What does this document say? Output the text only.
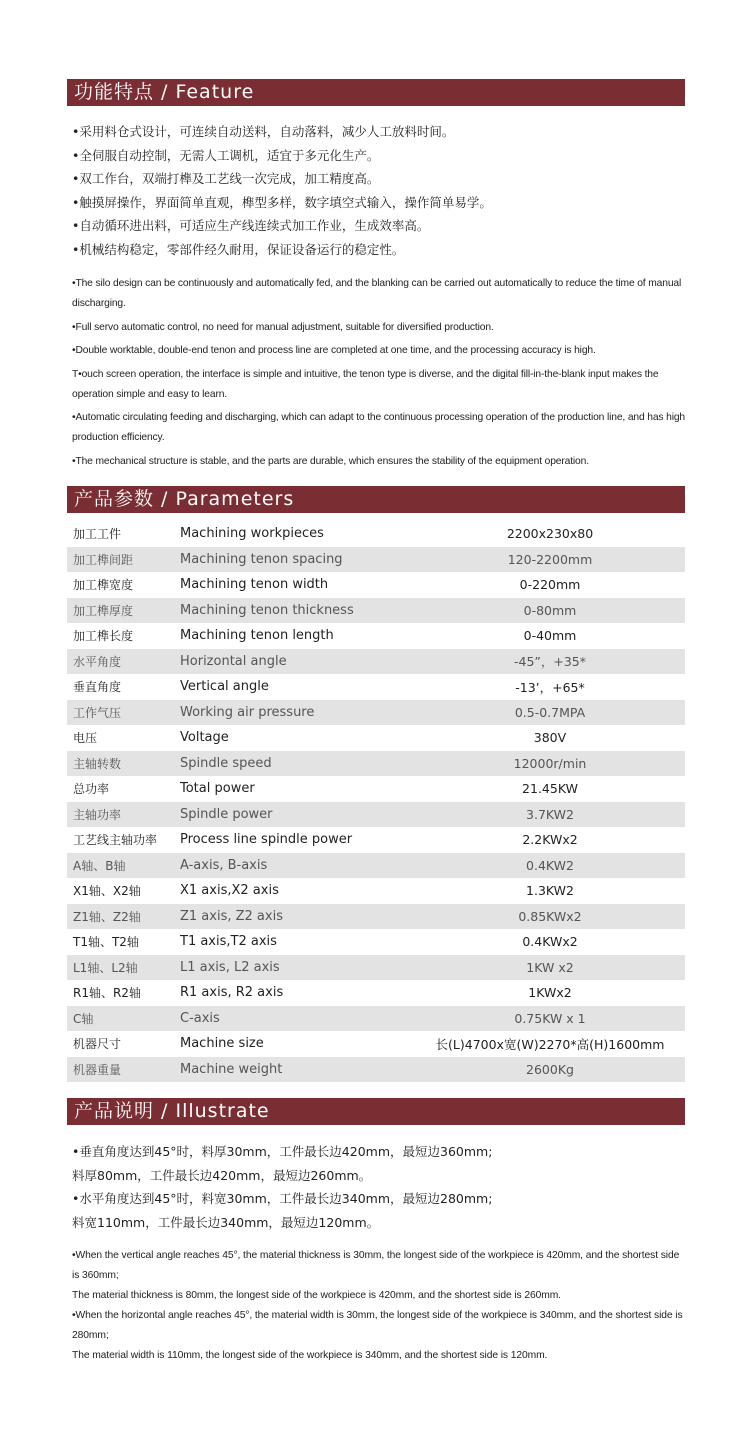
功能特点 / Feature
•采用料仓式设计，可连续自动送料，自动落料，减少人工放料时间。
•全伺服自动控制，无需人工调机，适宜于多元化生产。
•双工作台，双端打榫及工艺线一次完成，加工精度高。
•触摸屏操作，界面简单直观，榫型多样，数字填空式输入，操作简单易学。
•自动循环进出料，可适应生产线连续式加工作业，生成效率高。
•机械结构稳定，零部件经久耐用，保证设备运行的稳定性。

•The silo design can be continuously and automatically fed, and the blanking can be carried out automatically to reduce the time of manual discharging.

•Full servo automatic control, no need for manual adjustment, suitable for diversified production.

•Double worktable, double-end tenon and process line are completed at one time, and the processing accuracy is high.

T•ouch screen operation, the interface is simple and intuitive, the tenon type is diverse, and the digital fill-in-the-blank input makes the operation simple and easy to learn.

•Automatic circulating feeding and discharging, which can adapt to the continuous processing operation of the production line, and has high production efficiency.

•The mechanical structure is stable, and the parts are durable, which ensures the stability of the equipment operation.

产品参数 / Parameters
加工工件	Machining workpieces	2200x230x80
加工榫间距	Machining tenon spacing	120-2200mm
加工榫宽度	Machining tenon width	0-220mm
加工榫厚度	Machining tenon thickness	0-80mm
加工榫长度	Machining tenon length	0-40mm
水平角度	Horizontal angle	-45”，+35*
垂直角度	Vertical angle	-13’，+65*
工作气压	Working air pressure	0.5-0.7MPA
电压	Voltage	380V
主轴转数	Spindle speed	12000r/min
总功率	Total power	21.45KW
主轴功率	Spindle power	3.7KW2
工艺线主轴功率	Process line spindle power	2.2KWx2
A轴、B轴	A-axis, B-axis	0.4KW2
X1轴、X2轴	X1 axis,X2 axis	1.3KW2
Z1轴、Z2轴	Z1 axis, Z2 axis	0.85KWx2
T1轴、T2轴	T1 axis,T2 axis	0.4KWx2
L1轴、L2轴	L1 axis, L2 axis	1KW x2
R1轴、R2轴	R1 axis, R2 axis	1KWx2
C轴	C-axis	0.75KW x 1
机器尺寸	Machine size	长(L)4700x宽(W)2270*高(H)1600mm
机器重量	Machine weight	2600Kg
产品说明 / Illustrate

•垂直角度达到45°时，料厚30mm，工件最长边420mm，最短边360mm;

料厚80mm，工件最长边420mm，最短边260mm。

•水平角度达到45°时，料宽30mm，工件最长边340mm，最短边280mm;

料宽110mm，工件最长边340mm，最短边120mm。

•When the vertical angle reaches 45°, the material thickness is 30mm, the longest side of the workpiece is 420mm, and the shortest side is 360mm;

The material thickness is 80mm, the longest side of the workpiece is 420mm, and the shortest side is 260mm.

•When the horizontal angle reaches 45°, the material width is 30mm, the longest side of the workpiece is 340mm, and the shortest side is 280mm;

The material width is 110mm, the longest side of the workpiece is 340mm, and the shortest side is 120mm.
